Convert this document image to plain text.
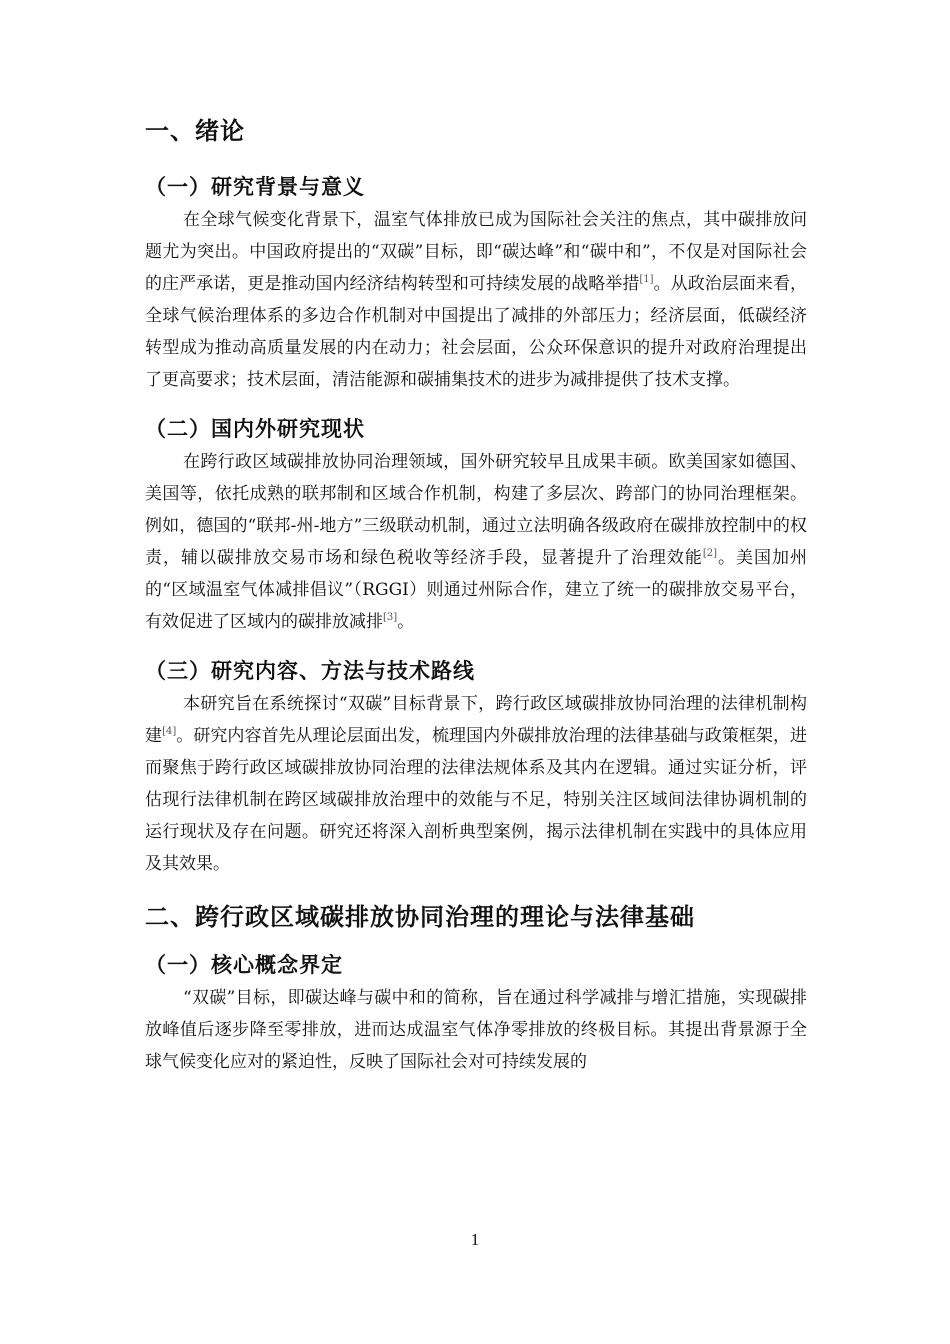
一、绪论
（一）研究背景与意义

在全球气候变化背景下，温室气体排放已成为国际社会关注的焦点，其中碳排放问题尤为突出。中国政府提出的“双碳”目标，即“碳达峰”和“碳中和”，不仅是对国际社会的庄严承诺，更是推动国内经济结构转型和可持续发展的战略举措[1]。从政治层面来看，全球气候治理体系的多边合作机制对中国提出了减排的外部压力；经济层面，低碳经济转型成为推动高质量发展的内在动力；社会层面，公众环保意识的提升对政府治理提出了更高要求；技术层面，清洁能源和碳捕集技术的进步为减排提供了技术支撑。

（二）国内外研究现状

在跨行政区域碳排放协同治理领域，国外研究较早且成果丰硕。欧美国家如德国、美国等，依托成熟的联邦制和区域合作机制，构建了多层次、跨部门的协同治理框架。例如，德国的“联邦-州-地方”三级联动机制，通过立法明确各级政府在碳排放控制中的权责，辅以碳排放交易市场和绿色税收等经济手段，显著提升了治理效能[2]。美国加州的“区域温室气体减排倡议”（RGGI）则通过州际合作，建立了统一的碳排放交易平台，有效促进了区域内的碳排放减排[3]。

（三）研究内容、方法与技术路线

本研究旨在系统探讨“双碳”目标背景下，跨行政区域碳排放协同治理的法律机制构建[4]。研究内容首先从理论层面出发，梳理国内外碳排放治理的法律基础与政策框架，进而聚焦于跨行政区域碳排放协同治理的法律法规体系及其内在逻辑。通过实证分析，评估现行法律机制在跨区域碳排放治理中的效能与不足，特别关注区域间法律协调机制的运行现状及存在问题。研究还将深入剖析典型案例，揭示法律机制在实践中的具体应用及其效果。

二、跨行政区域碳排放协同治理的理论与法律基础
（一）核心概念界定

“双碳”目标，即碳达峰与碳中和的简称，旨在通过科学减排与增汇措施，实现碳排放峰值后逐步降至零排放，进而达成温室气体净零排放的终极目标。其提出背景源于全球气候变化应对的紧迫性，反映了国际社会对可持续发展的

1
